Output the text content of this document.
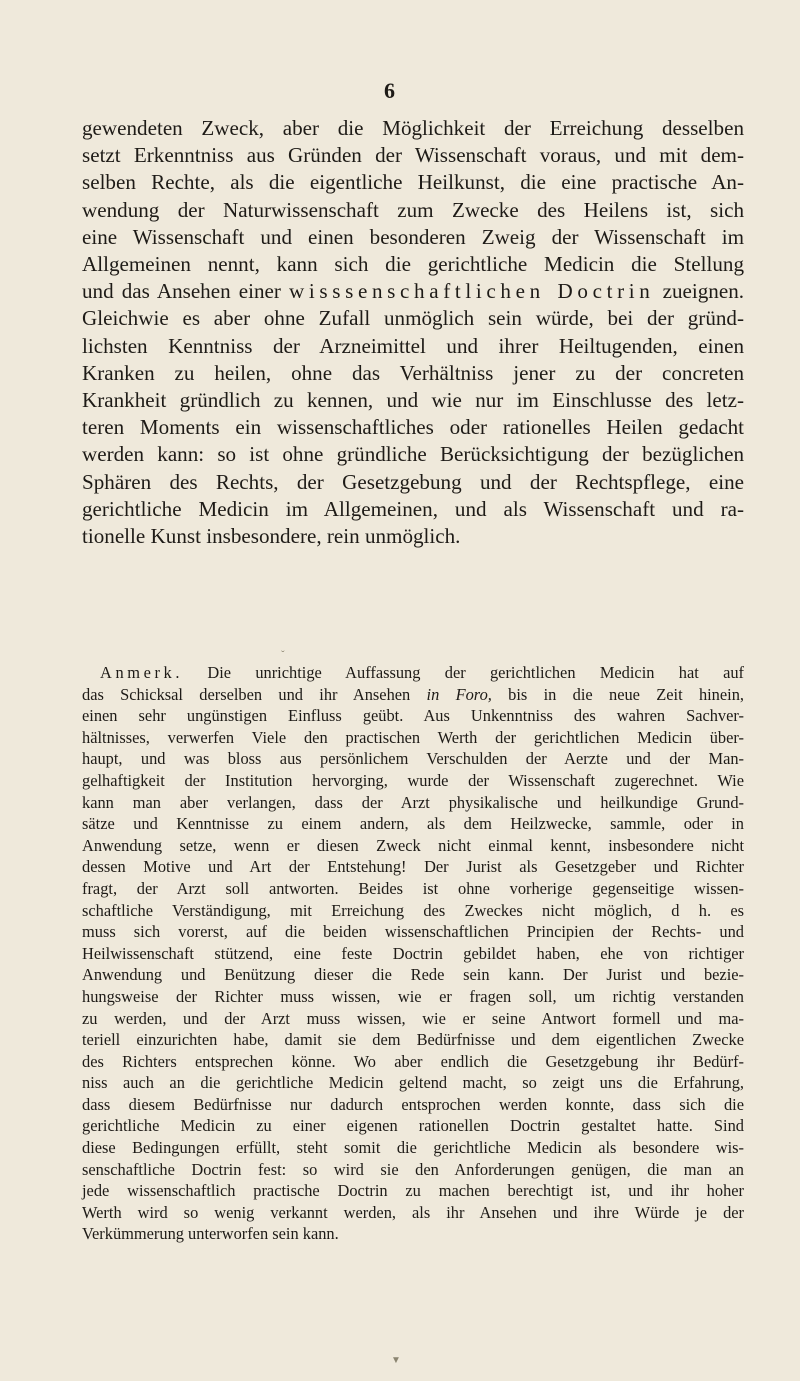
6
gewendeten Zweck, aber die Möglichkeit der Erreichung desselben
setzt Erkenntniss aus Gründen der Wissenschaft voraus, und mit dem-
selben Rechte, als die eigentliche Heilkunst, die eine practische An-
wendung der Naturwissenschaft zum Zwecke des Heilens ist, sich
eine Wissenschaft und einen besonderen Zweig der Wissenschaft im
Allgemeinen nennt, kann sich die gerichtliche Medicin die Stellung
und das Ansehen einer wisssenschaftlichen Doctrin zueignen.
Gleichwie es aber ohne Zufall unmöglich sein würde, bei der gründ-
lichsten Kenntniss der Arzneimittel und ihrer Heiltugenden, einen
Kranken zu heilen, ohne das Verhältniss jener zu der concreten
Krankheit gründlich zu kennen, und wie nur im Einschlusse des letz-
teren Moments ein wissenschaftliches oder rationelles Heilen gedacht
werden kann: so ist ohne gründliche Berücksichtigung der bezüglichen
Sphären des Rechts, der Gesetzgebung und der Rechtspflege, eine
gerichtliche Medicin im Allgemeinen, und als Wissenschaft und ra-
tionelle Kunst insbesondere, rein unmöglich.
ˇ
Anmerk. Die unrichtige Auffassung der gerichtlichen Medicin hat auf
das Schicksal derselben und ihr Ansehen in Foro, bis in die neue Zeit hinein,
einen sehr ungünstigen Einfluss geübt. Aus Unkenntniss des wahren Sachver-
hältnisses, verwerfen Viele den practischen Werth der gerichtlichen Medicin über-
haupt, und was bloss aus persönlichem Verschulden der Aerzte und der Man-
gelhaftigkeit der Institution hervorging, wurde der Wissenschaft zugerechnet. Wie
kann man aber verlangen, dass der Arzt physikalische und heilkundige Grund-
sätze und Kenntnisse zu einem andern, als dem Heilzwecke, sammle, oder in
Anwendung setze, wenn er diesen Zweck nicht einmal kennt, insbesondere nicht
dessen Motive und Art der Entstehung! Der Jurist als Gesetzgeber und Richter
fragt, der Arzt soll antworten. Beides ist ohne vorherige gegenseitige wissen-
schaftliche Verständigung, mit Erreichung des Zweckes nicht möglich, d h. es
muss sich vorerst, auf die beiden wissenschaftlichen Principien der Rechts- und
Heilwissenschaft stützend, eine feste Doctrin gebildet haben, ehe von richtiger
Anwendung und Benützung dieser die Rede sein kann. Der Jurist und bezie-
hungsweise der Richter muss wissen, wie er fragen soll, um richtig verstanden
zu werden, und der Arzt muss wissen, wie er seine Antwort formell und ma-
teriell einzurichten habe, damit sie dem Bedürfnisse und dem eigentlichen Zwecke
des Richters entsprechen könne. Wo aber endlich die Gesetzgebung ihr Bedürf-
niss auch an die gerichtliche Medicin geltend macht, so zeigt uns die Erfahrung,
dass diesem Bedürfnisse nur dadurch entsprochen werden konnte, dass sich die
gerichtliche Medicin zu einer eigenen rationellen Doctrin gestaltet hatte. Sind
diese Bedingungen erfüllt, steht somit die gerichtliche Medicin als besondere wis-
senschaftliche Doctrin fest: so wird sie den Anforderungen genügen, die man an
jede wissenschaftlich practische Doctrin zu machen berechtigt ist, und ihr hoher
Werth wird so wenig verkannt werden, als ihr Ansehen und ihre Würde je der
Verkümmerung unterworfen sein kann.
▼
